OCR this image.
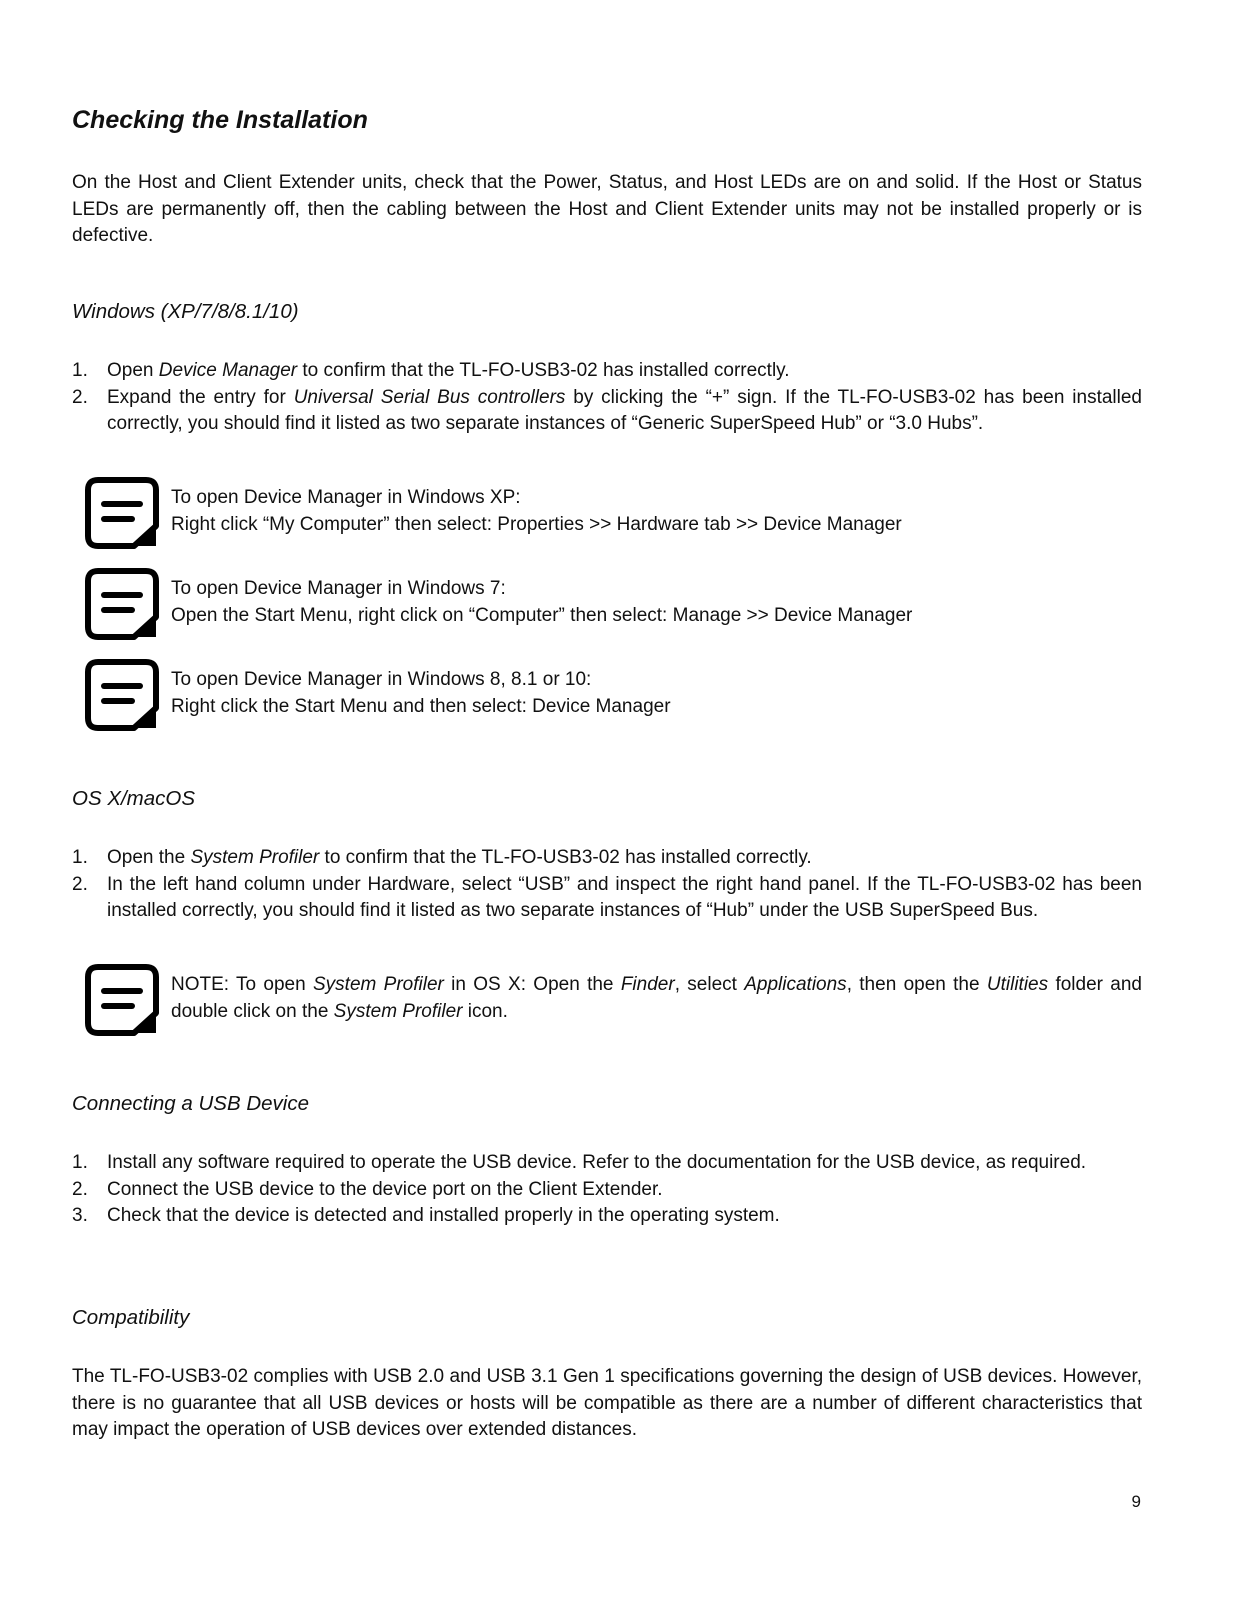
Checking the Installation

On the Host and Client Extender units, check that the Power, Status, and Host LEDs are on and solid. If the Host or Status LEDs are permanently off, then the cabling between the Host and Client Extender units may not be installed properly or is defective.

Windows (XP/7/8/8.1/10)
1. Open Device Manager to confirm that the TL-FO-USB3-02 has installed correctly.
2. Expand the entry for Universal Serial Bus controllers by clicking the “+” sign. If the TL-FO-USB3-02 has been installed correctly, you should find it listed as two separate instances of “Generic SuperSpeed Hub” or “3.0 Hubs”.
To open Device Manager in Windows XP:
Right click “My Computer” then select: Properties >> Hardware tab >> Device Manager
To open Device Manager in Windows 7:
Open the Start Menu, right click on “Computer” then select: Manage >> Device Manager
To open Device Manager in Windows 8, 8.1 or 10:
Right click the Start Menu and then select: Device Manager
OS X/macOS
1. Open the System Profiler to confirm that the TL-FO-USB3-02 has installed correctly.
2. In the left hand column under Hardware, select “USB” and inspect the right hand panel. If the TL-FO-USB3-02 has been installed correctly, you should find it listed as two separate instances of “Hub” under the USB SuperSpeed Bus.
NOTE: To open System Profiler in OS X: Open the Finder, select Applications, then open the Utilities folder and double click on the System Profiler icon.
Connecting a USB Device
1. Install any software required to operate the USB device. Refer to the documentation for the USB device, as required.
2. Connect the USB device to the device port on the Client Extender.
3. Check that the device is detected and installed properly in the operating system.
Compatibility

The TL-FO-USB3-02 complies with USB 2.0 and USB 3.1 Gen 1 specifications governing the design of USB devices. However, there is no guarantee that all USB devices or hosts will be compatible as there are a number of different characteristics that may impact the operation of USB devices over extended distances.

9
